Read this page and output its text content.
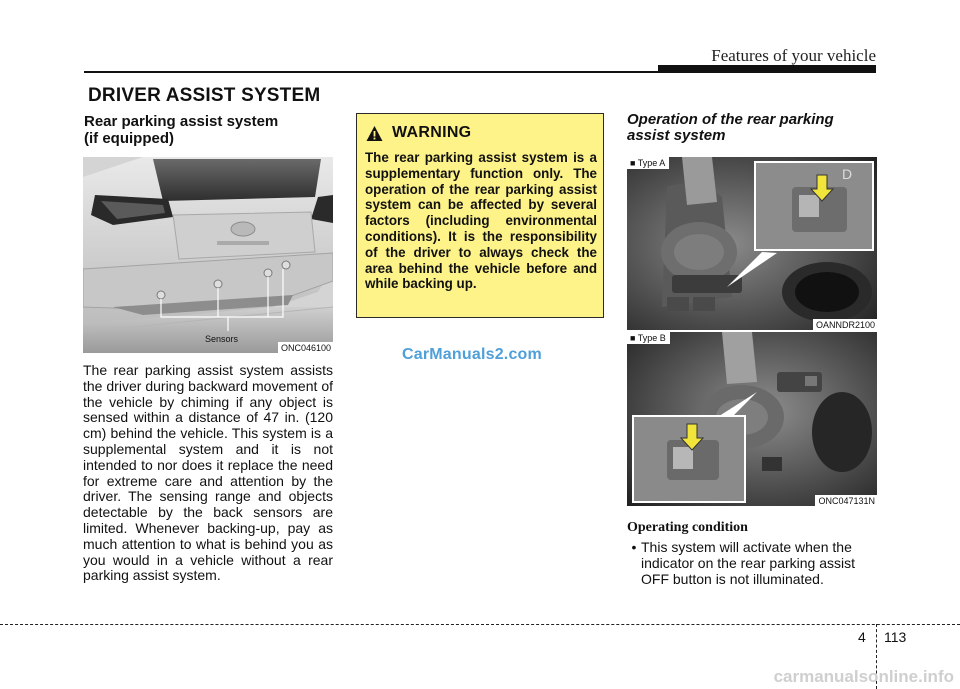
Features of your vehicle
DRIVER ASSIST SYSTEM
Rear parking assist system
(if equipped)
Sensors
ONC046100
The rear parking assist system assists the driver during backward movement of the vehicle by chiming if any object is sensed within a distance of 47 in. (120 cm) behind the vehicle. This system is a supplemental system and it is not intended to nor does it replace the need for extreme care and attention by the driver. The sensing range and objects detectable by the back sensors are limited. Whenever backing-up, pay as much attention to what is behind you as you would in a vehicle without a rear parking assist system.
WARNING
The rear parking assist system is a supplementary function only. The operation of the rear parking assist system can be affected by several factors (including environmental conditions). It is the responsibility of the driver to always check the area behind the vehicle before and while backing up.
CarManuals2.com
Operation of the rear parking
assist system
D
■ Type A
OANNDR2100
■ Type B
ONC047131N
Operating condition
• This system will activate when the indicator on the rear parking assist OFF button is not illuminated.
4 113
carmanualsonline.info
